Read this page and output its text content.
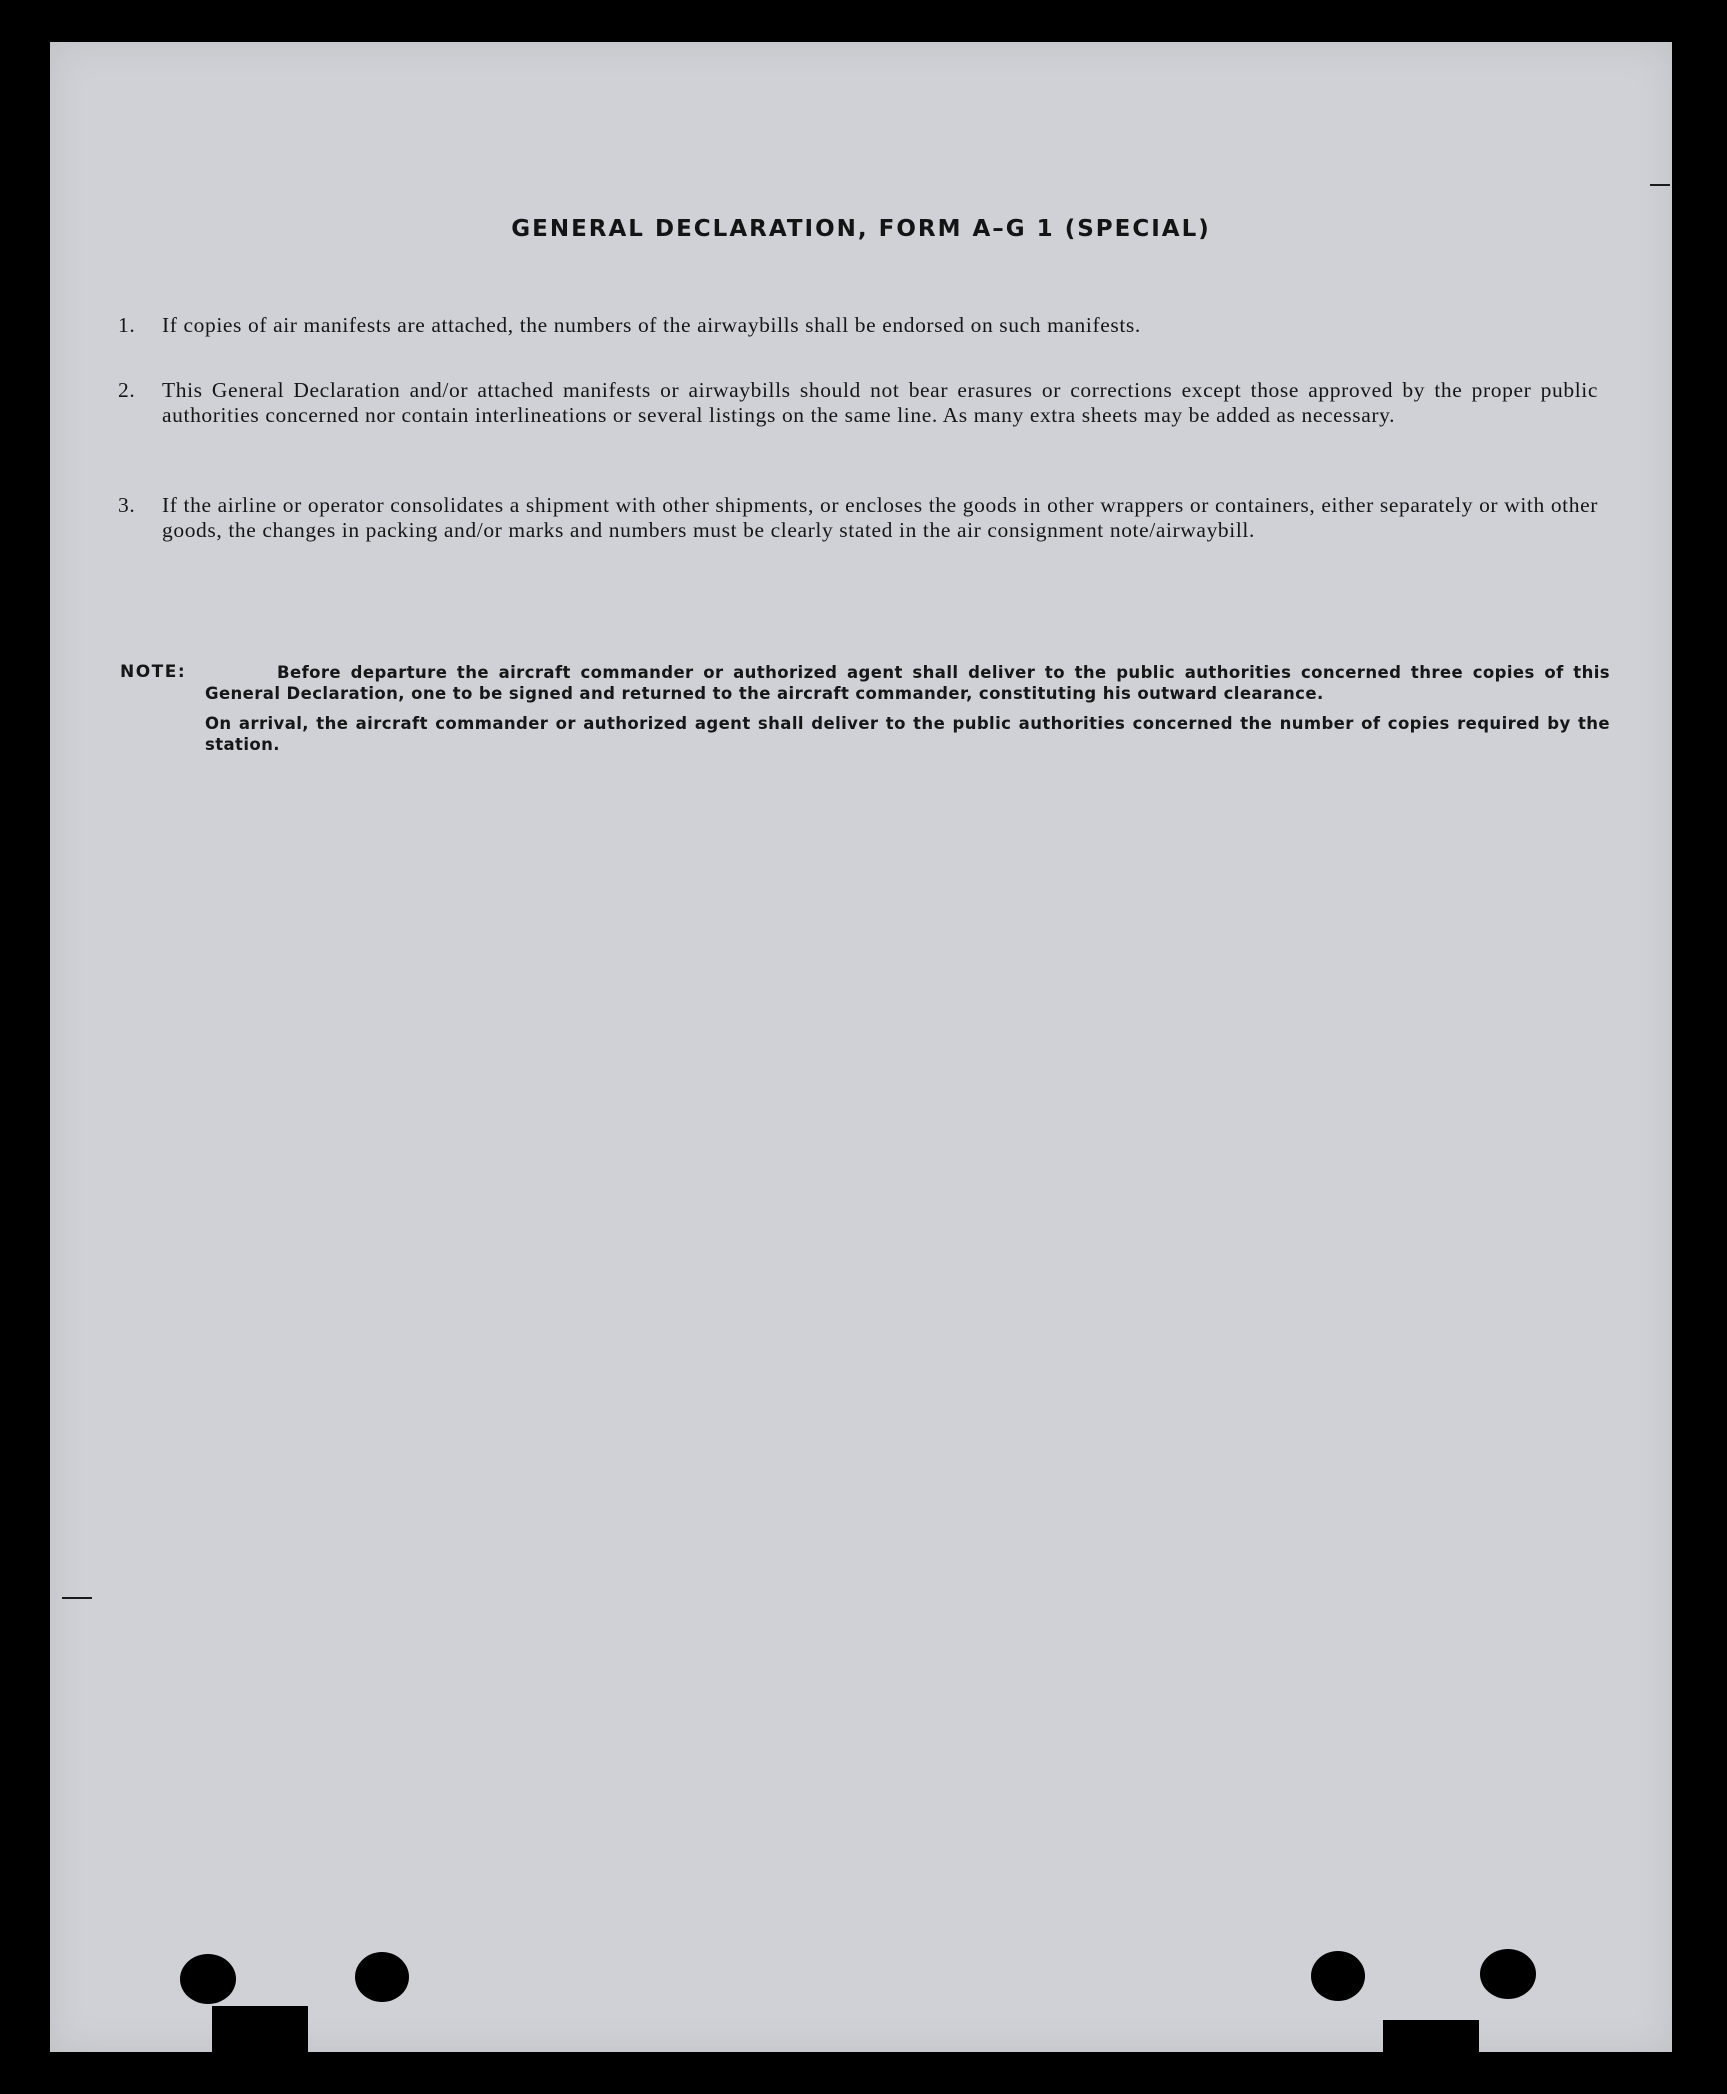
GENERAL DECLARATION, FORM A–G 1 (SPECIAL)
1. If copies of air manifests are attached, the numbers of the airwaybills shall be endorsed on such manifests.
2. This General Declaration and/or attached manifests or airwaybills should not bear erasures or corrections except those approved by the proper public authorities concerned nor contain interlineations or several listings on the same line. As many extra sheets may be added as necessary.
3. If the airline or operator consolidates a shipment with other shipments, or encloses the goods in other wrappers or containers, either separately or with other goods, the changes in packing and/or marks and numbers must be clearly stated in the air consignment note/airwaybill.
NOTE:	Before departure the aircraft commander or authorized agent shall deliver to the public authorities concerned three copies of this General Declaration, one to be signed and returned to the aircraft commander, constituting his outward clearance.
On arrival, the aircraft commander or authorized agent shall deliver to the public authorities concerned the number of copies required by the station.
